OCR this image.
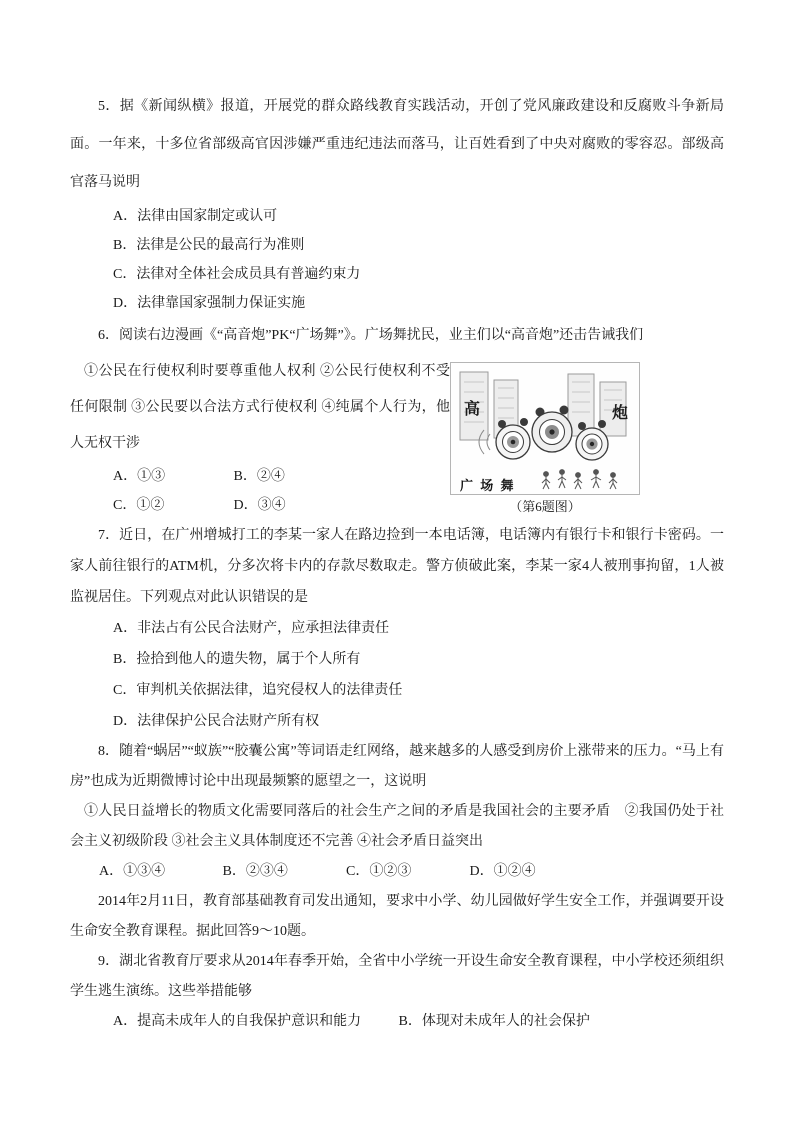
5．据《新闻纵横》报道，开展党的群众路线教育实践活动，开创了党风廉政建设和反腐败斗争新局面。一年来，十多位省部级高官因涉嫌严重违纪违法而落马，让百姓看到了中央对腐败的零容忍。部级高官落马说明

A．法律由国家制定或认可

B．法律是公民的最高行为准则

C．法律对全体社会成员具有普遍约束力

D．法律靠国家强制力保证实施

6．阅读右边漫画《“高音炮”PK“广场舞”》。广场舞扰民，业主们以“高音炮”还击告诫我们

高	炮
广 场 舞
（第6题图）

①公民在行使权利时要尊重他人权利 ②公民行使权利不受任何限制 ③公民要以合法方式行使权利 ④纯属个人行为，他人无权干涉

A．①③	B．②④
C．①②	D．③④

7．近日，在广州增城打工的李某一家人在路边捡到一本电话簿，电话簿内有银行卡和银行卡密码。一家人前往银行的ATM机，分多次将卡内的存款尽数取走。警方侦破此案，李某一家4人被刑事拘留，1人被监视居住。下列观点对此认识错误的是

A．非法占有公民合法财产，应承担法律责任

B．捡拾到他人的遗失物，属于个人所有

C．审判机关依据法律，追究侵权人的法律责任

D．法律保护公民合法财产所有权

8．随着“蜗居”“蚁族”“胶囊公寓”等词语走红网络，越来越多的人感受到房价上涨带来的压力。“马上有房”也成为近期微博讨论中出现最频繁的愿望之一，这说明

①人民日益增长的物质文化需要同落后的社会生产之间的矛盾是我国社会的主要矛盾　②我国仍处于社会主义初级阶段 ③社会主义具体制度还不完善 ④社会矛盾日益突出

A．①③④	B．②③④	C．①②③	D．①②④

2014年2月11日，教育部基础教育司发出通知，要求中小学、幼儿园做好学生安全工作，并强调要开设生命安全教育课程。据此回答9～10题。

9．湖北省教育厅要求从2014年春季开始，全省中小学统一开设生命安全教育课程，中小学校还须组织学生逃生演练。这些举措能够

A．提高未成年人的自我保护意识和能力	B．体现对未成年人的社会保护
